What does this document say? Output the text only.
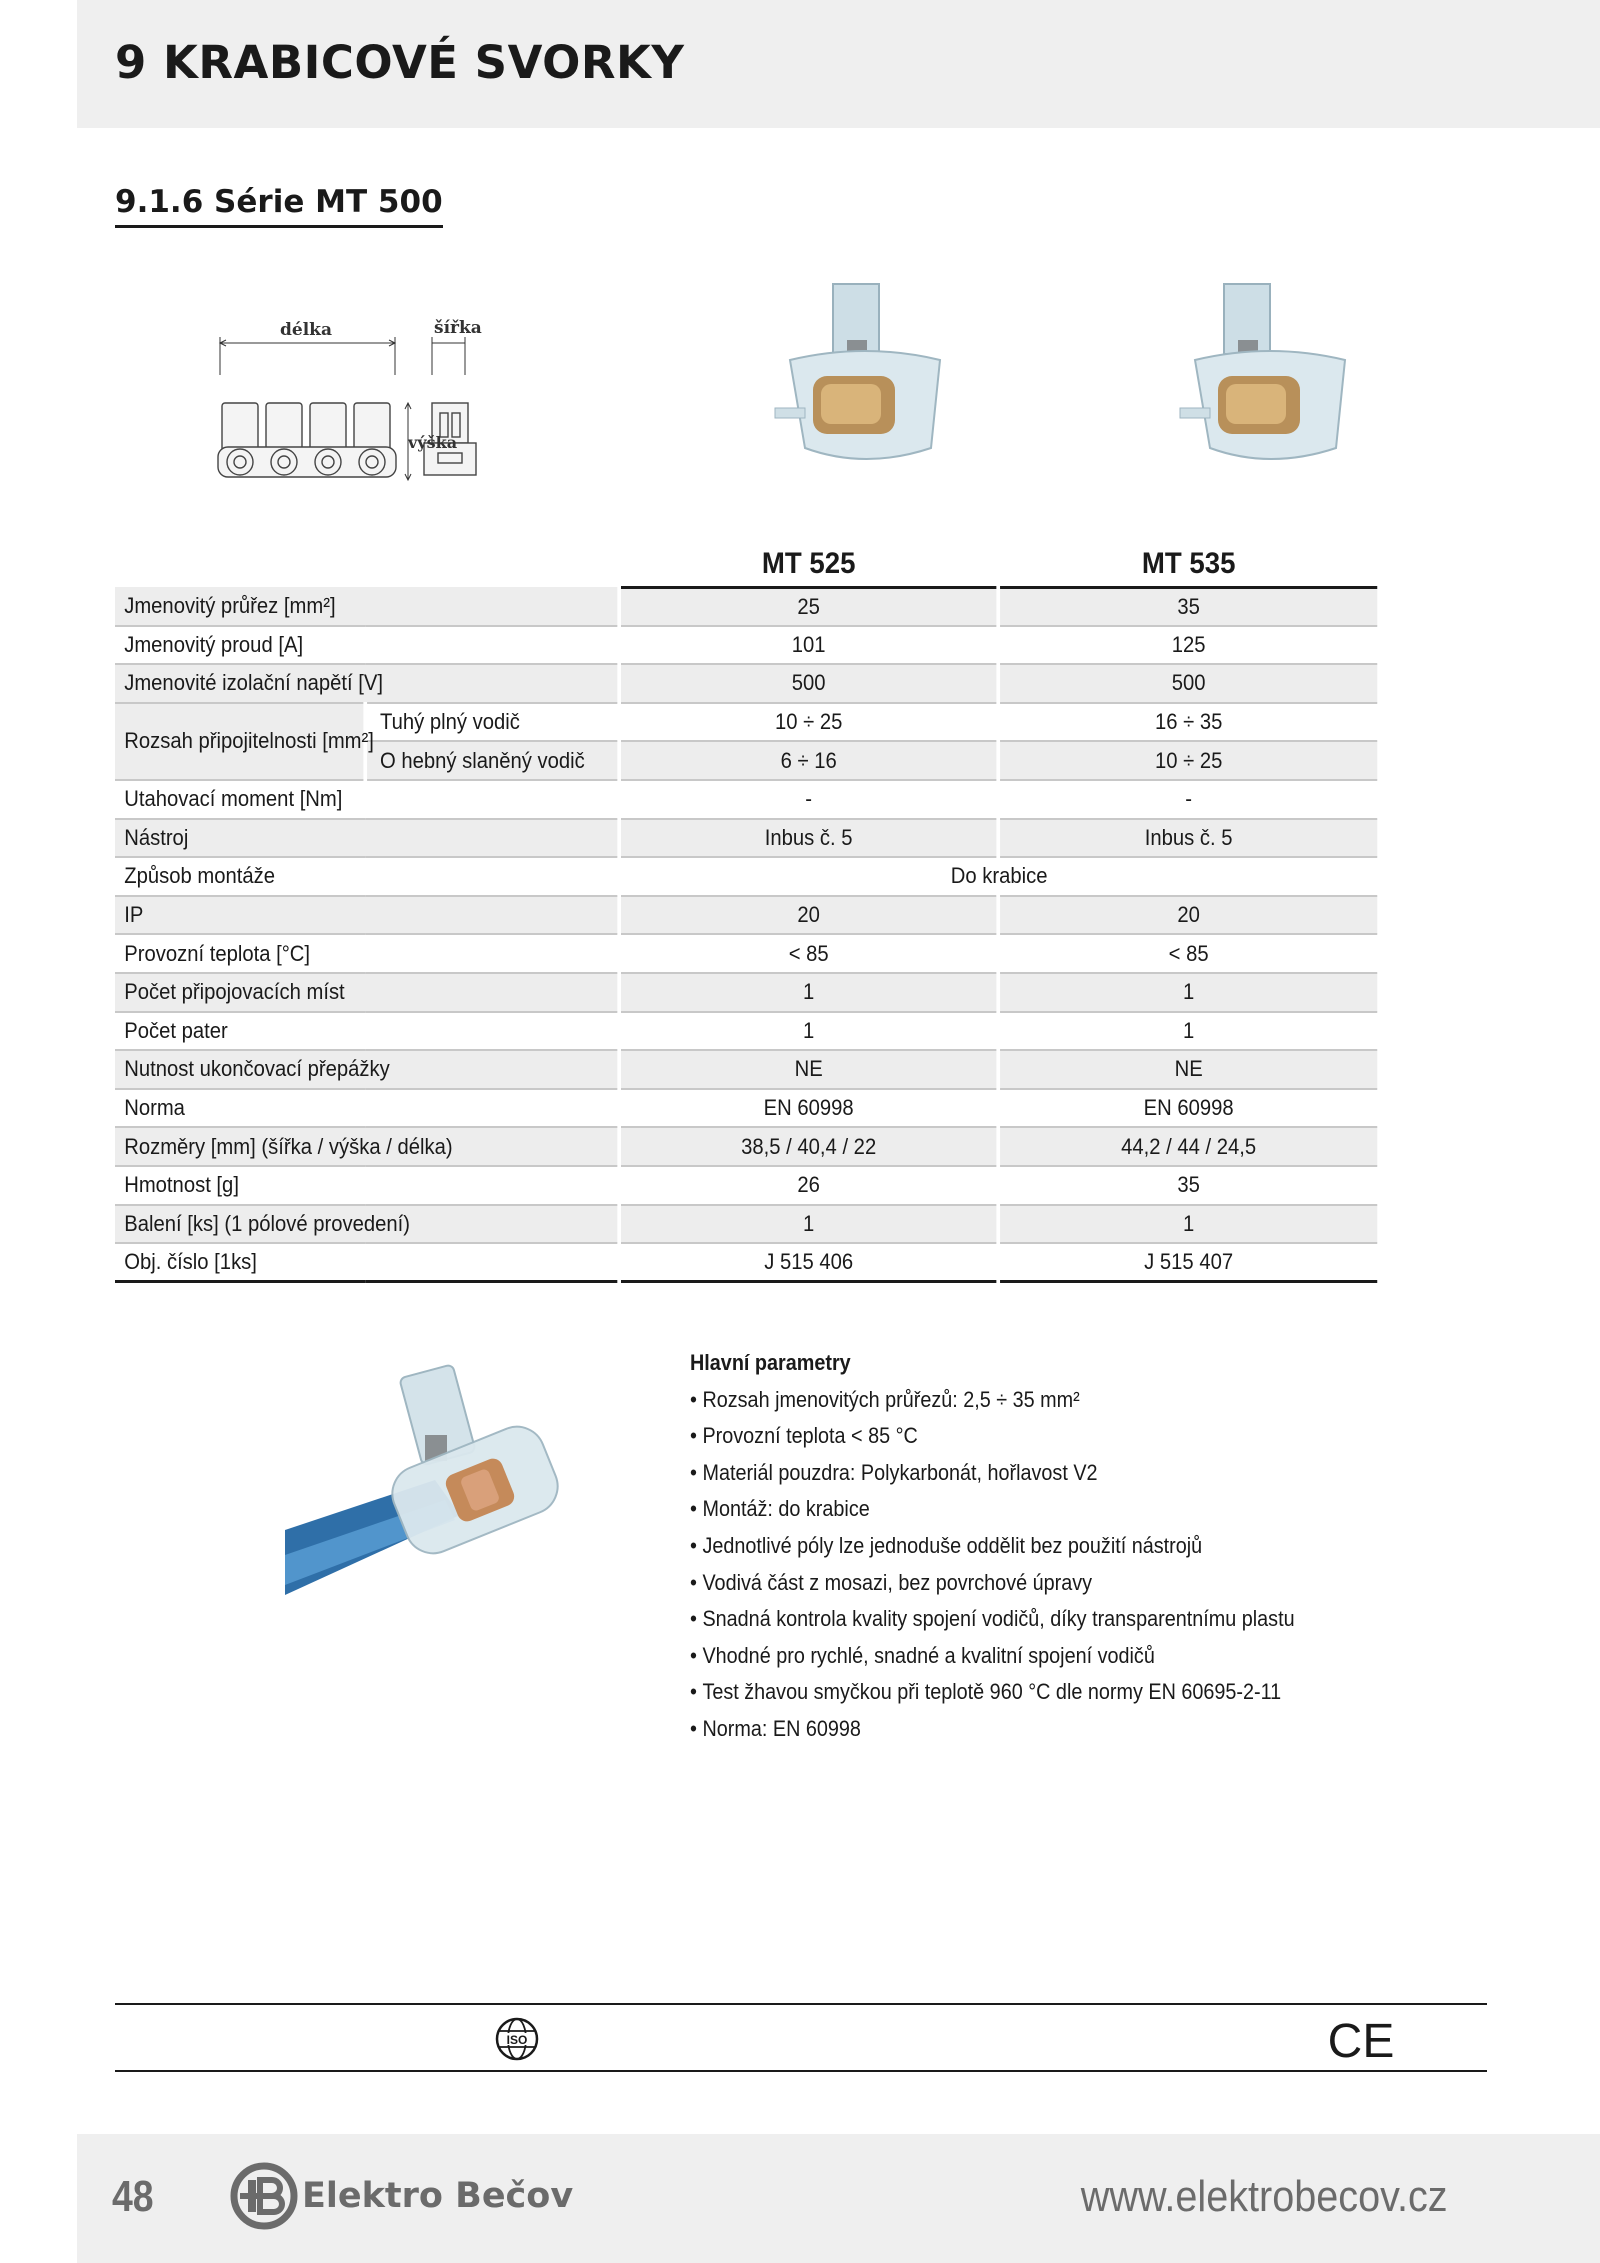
9 KRABICOVÉ SVORKY
9.1.6 Série MT 500
délka	šířka
výška
		MT 525	MT 535
Jmenovitý průřez [mm²]		25	35
Jmenovitý proud [A]		101	125
Jmenovité izolační napětí [V]		500	500
Rozsah připojitelnosti [mm²]	Tuhý plný vodič	10 ÷ 25	16 ÷ 35
	O hebný slaněný vodič	6 ÷ 16	10 ÷ 25
Utahovací moment [Nm]		-	-
Nástroj		Inbus č. 5	Inbus č. 5
Způsob montáže		Do krabice	
IP		20	20
Provozní teplota [°C]		< 85	< 85
Počet připojovacích míst		1	1
Počet pater		1	1
Nutnost ukončovací přepážky		NE	NE
Norma		EN 60998	EN 60998
Rozměry [mm] (šířka / výška / délka)		38,5 / 40,4 / 22	44,2 / 44 / 24,5
Hmotnost [g]		26	35
Balení [ks] (1 pólové provedení)		1	1
Obj. číslo [1ks]		J 515 406	J 515 407
Hlavní parametry
• Rozsah jmenovitých průřezů: 2,5 ÷ 35 mm²
• Provozní teplota < 85 °C
• Materiál pouzdra: Polykarbonát, hořlavost V2
• Montáž: do krabice
• Jednotlivé póly lze jednoduše oddělit bez použití nástrojů
• Vodivá část z mosazi, bez povrchové úpravy
• Snadná kontrola kvality spojení vodičů, díky transparentnímu plastu
• Vhodné pro rychlé, snadné a kvalitní spojení vodičů
• Test žhavou smyčkou při teplotě 960 °C dle normy EN 60695-2-11
• Norma: EN 60998
ISO	CE
48	Elektro Bečov	www.elektrobecov.cz
